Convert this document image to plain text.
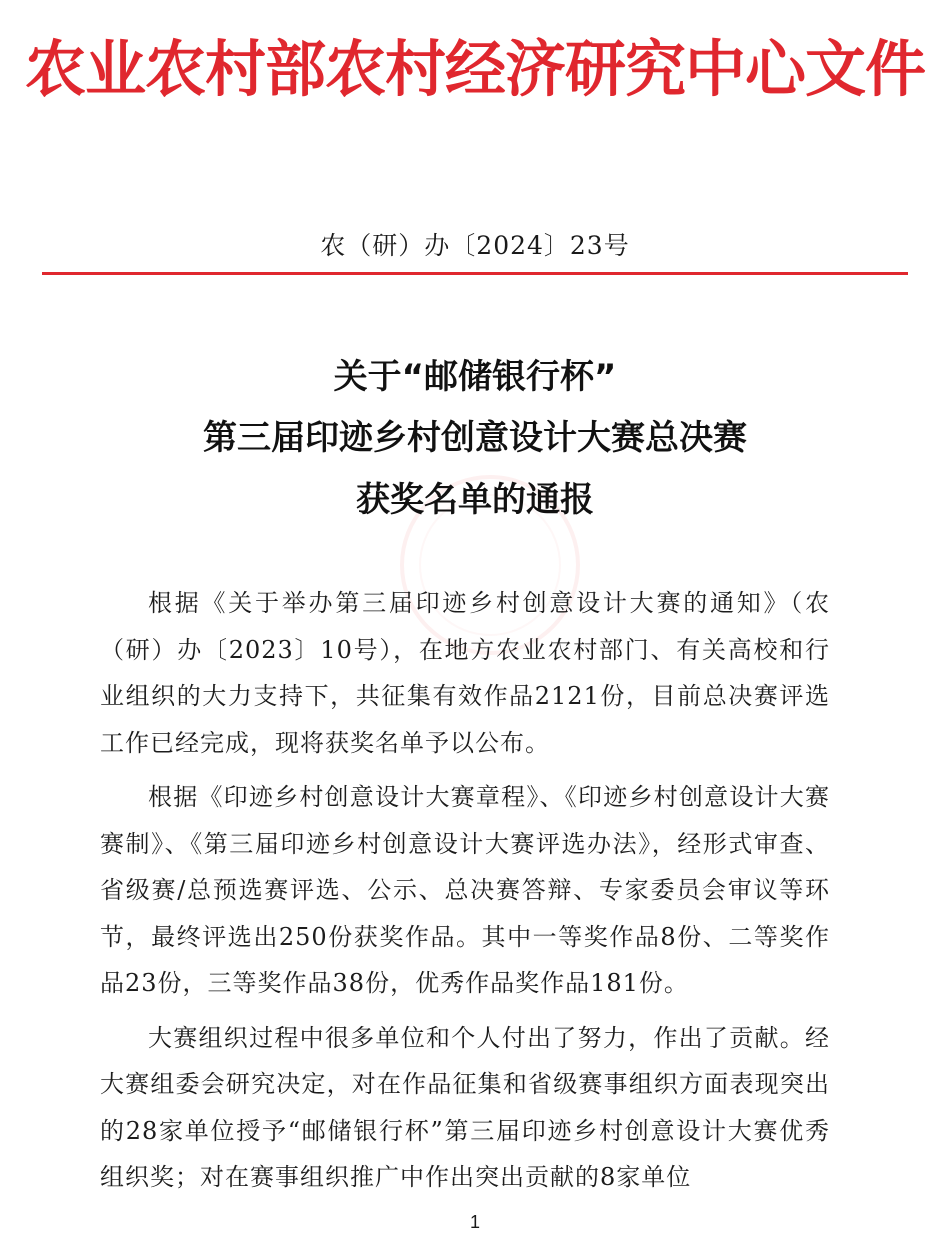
农业农村部农村经济研究中心文件
农（研）办〔2024〕23号
关于“邮储银行杯”
第三届印迹乡村创意设计大赛总决赛
获奖名单的通报

根据《关于举办第三届印迹乡村创意设计大赛的通知》（农（研）办〔2023〕10号），在地方农业农村部门、有关高校和行业组织的大力支持下，共征集有效作品2121份，目前总决赛评选工作已经完成，现将获奖名单予以公布。

根据《印迹乡村创意设计大赛章程》、《印迹乡村创意设计大赛赛制》、《第三届印迹乡村创意设计大赛评选办法》，经形式审查、省级赛/总预选赛评选、公示、总决赛答辩、专家委员会审议等环节，最终评选出250份获奖作品。其中一等奖作品8份、二等奖作品23份，三等奖作品38份，优秀作品奖作品181份。

大赛组织过程中很多单位和个人付出了努力，作出了贡献。经大赛组委会研究决定，对在作品征集和省级赛事组织方面表现突出的28家单位授予“邮储银行杯”第三届印迹乡村创意设计大赛优秀组织奖；对在赛事组织推广中作出突出贡献的8家单位

1
